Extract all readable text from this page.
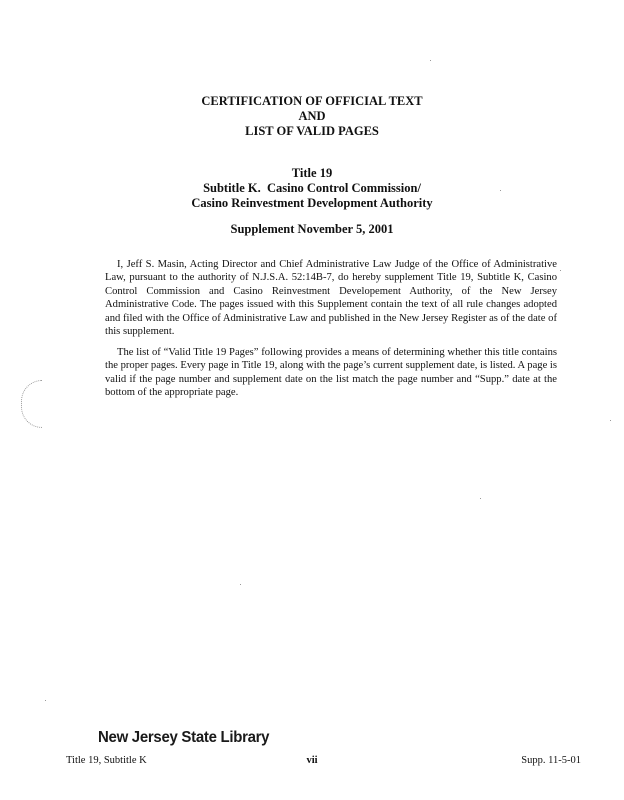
CERTIFICATION OF OFFICIAL TEXT
AND
LIST OF VALID PAGES
Title 19
Subtitle K.  Casino Control Commission/
Casino Reinvestment Development Authority
Supplement November 5, 2001

I, Jeff S. Masin, Acting Director and Chief Administrative Law Judge of the Office of Administrative Law, pursuant to the authority of N.J.S.A. 52:14B-7, do hereby supplement Title 19, Subtitle K, Casino Control Commission and Casino Reinvestment Developement Authority, of the New Jersey Administrative Code. The pages issued with this Supplement contain the text of all rule changes adopted and filed with the Office of Administrative Law and published in the New Jersey Register as of the date of this supplement.

The list of “Valid Title 19 Pages” following provides a means of determining whether this title contains the proper pages. Every page in Title 19, along with the page’s current supplement date, is listed. A page is valid if the page number and supplement date on the list match the page number and “Supp.” date at the bottom of the appropriate page.

New Jersey State Library
Title 19, Subtitle K	vii	Supp. 11-5-01
